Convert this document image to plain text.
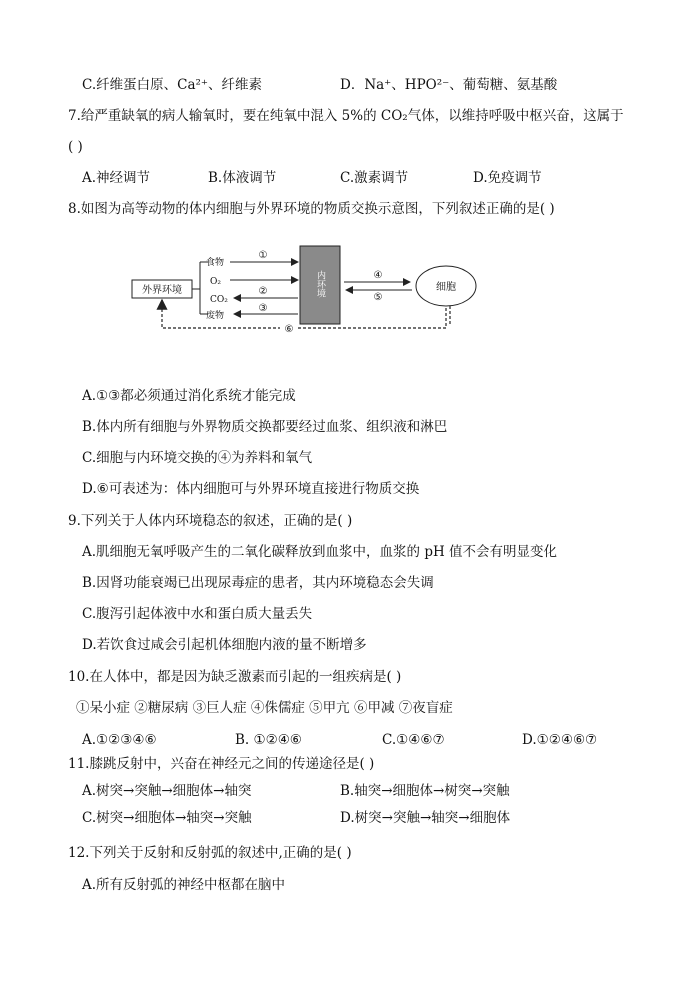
C.纤维蛋白原、Ca²⁺、纤维素	D．Na⁺、HPO²⁻、葡萄糖、氨基酸
7.给严重缺氧的病人输氧时，要在纯氧中混入 5%的 CO₂气体，以维持呼吸中枢兴奋，这属于
( )
A.神经调节	B.体液调节	C.激素调节	D.免疫调节
8.如图为高等动物的体内细胞与外界环境的物质交换示意图，下列叙述正确的是( )
外界环境
食物
O₂
CO₂
废物
①
②
③
内环境	④
⑤
细胞
⑥
A.①③都必须通过消化系统才能完成
B.体内所有细胞与外界物质交换都要经过血浆、组织液和淋巴
C.细胞与内环境交换的④为养料和氧气
D.⑥可表述为：体内细胞可与外界环境直接进行物质交换
9.下列关于人体内环境稳态的叙述，正确的是( )
A.肌细胞无氧呼吸产生的二氧化碳释放到血浆中，血浆的 pH 值不会有明显变化
B.因肾功能衰竭已出现尿毒症的患者，其内环境稳态会失调
C.腹泻引起体液中水和蛋白质大量丢失
D.若饮食过咸会引起机体细胞内液的量不断增多
10.在人体中，都是因为缺乏激素而引起的一组疾病是( )
①呆小症 ②糖尿病 ③巨人症 ④侏儒症 ⑤甲亢 ⑥甲减 ⑦夜盲症
A.①②③④⑥	B. ①②④⑥	C.①④⑥⑦	D.①②④⑥⑦
11.膝跳反射中，兴奋在神经元之间的传递途径是( )
A.树突→突触→细胞体→轴突	B.轴突→细胞体→树突→突触
C.树突→细胞体→轴突→突触	D.树突→突触→轴突→细胞体
12.下列关于反射和反射弧的叙述中,正确的是( )
A.所有反射弧的神经中枢都在脑中
